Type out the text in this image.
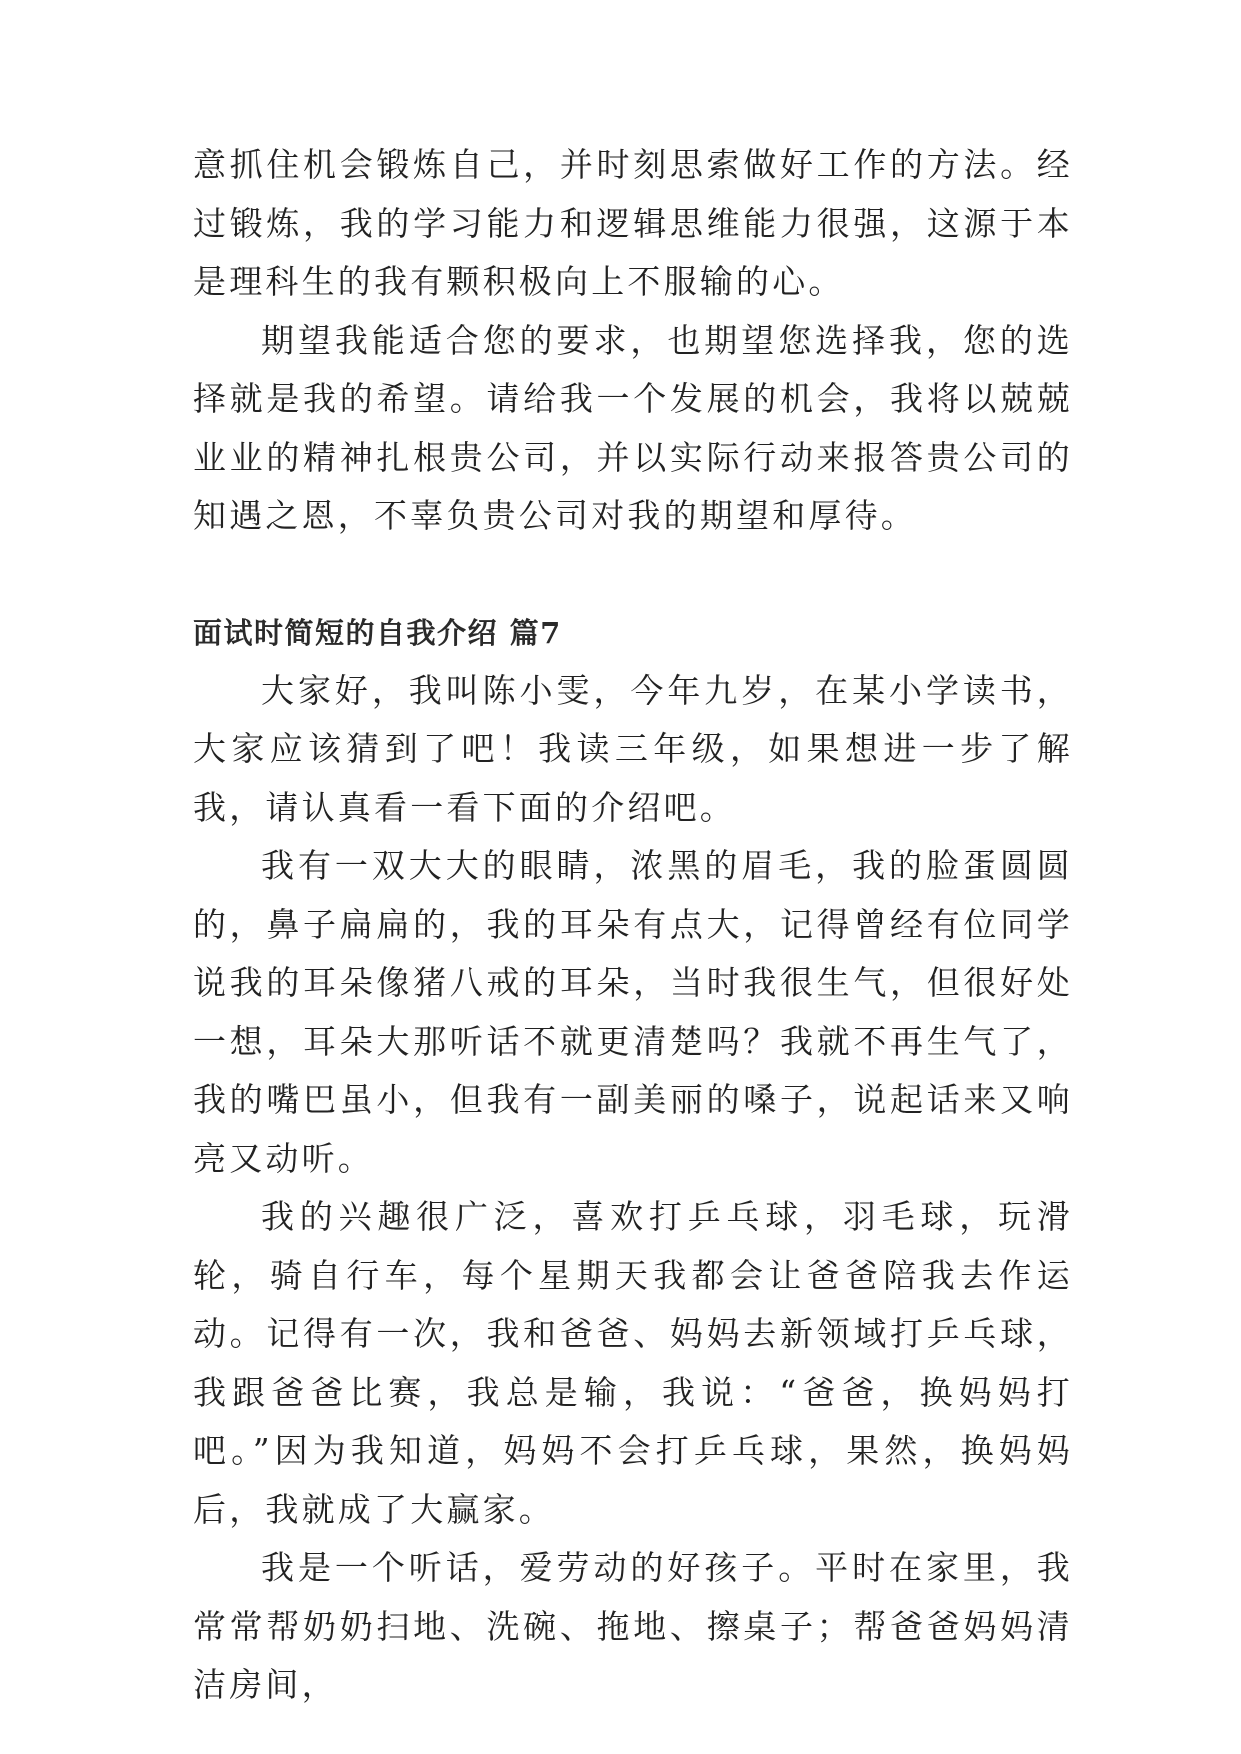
意抓住机会锻炼自己，并时刻思索做好工作的方法。经过锻炼，我的学习能力和逻辑思维能力很强，这源于本是理科生的我有颗积极向上不服输的心。

期望我能适合您的要求，也期望您选择我，您的选择就是我的希望。请给我一个发展的机会，我将以兢兢业业的精神扎根贵公司，并以实际行动来报答贵公司的知遇之恩，不辜负贵公司对我的期望和厚待。

面试时简短的自我介绍 篇7

大家好，我叫陈小雯，今年九岁，在某小学读书，大家应该猜到了吧！我读三年级，如果想进一步了解我，请认真看一看下面的介绍吧。

我有一双大大的眼睛，浓黑的眉毛，我的脸蛋圆圆的，鼻子扁扁的，我的耳朵有点大，记得曾经有位同学说我的耳朵像猪八戒的耳朵，当时我很生气，但很好处一想，耳朵大那听话不就更清楚吗？我就不再生气了，我的嘴巴虽小，但我有一副美丽的嗓子，说起话来又响亮又动听。

我的兴趣很广泛，喜欢打乒乓球，羽毛球，玩滑轮，骑自行车，每个星期天我都会让爸爸陪我去作运动。记得有一次，我和爸爸、妈妈去新领域打乒乓球，我跟爸爸比赛，我总是输，我说：“爸爸，换妈妈打吧。”因为我知道，妈妈不会打乒乓球，果然，换妈妈后，我就成了大赢家。

我是一个听话，爱劳动的好孩子。平时在家里，我常常帮奶奶扫地、洗碗、拖地、擦桌子；帮爸爸妈妈清洁房间，
